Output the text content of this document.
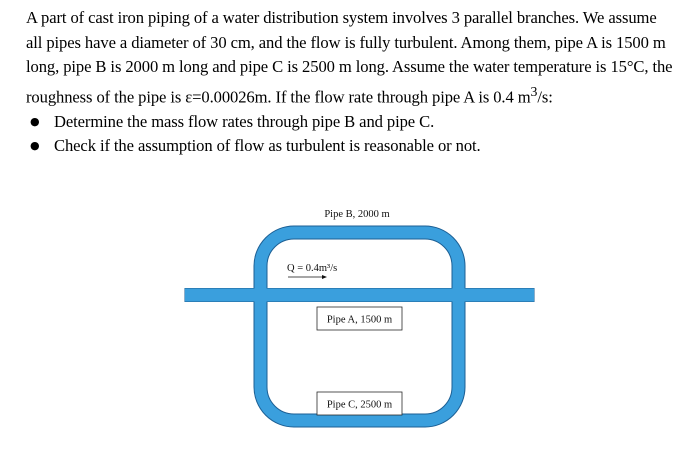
A part of cast iron piping of a water distribution system involves 3 parallel branches. We assume all pipes have a diameter of 30 cm, and the flow is fully turbulent. Among them, pipe A is 1500 m long, pipe B is 2000 m long and pipe C is 2500 m long. Assume the water temperature is 15°C, the roughness of the pipe is ε=0.00026m. If the flow rate through pipe A is 0.4 $m^3/s$:

● Determine the mass flow rates through pipe B and pipe C.
● Check if the assumption of flow as turbulent is reasonable or not.
Pipe B, 2000 m
Q = 0.4m³/s
Pipe A, 1500 m
Pipe C, 2500 m
